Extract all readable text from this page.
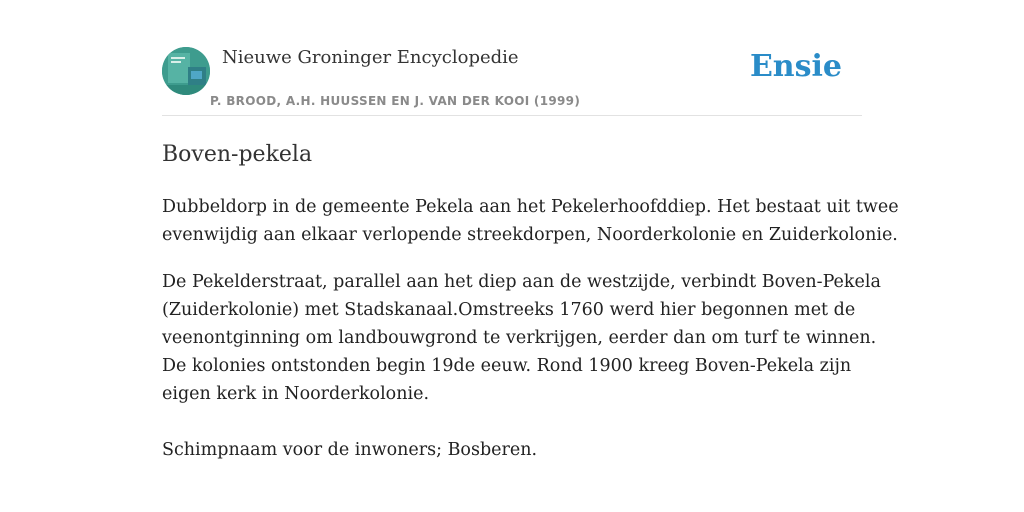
Nieuwe Groninger Encyclopedie
P. BROOD, A.H. HUUSSEN EN J. VAN DER KOOI (1999)
Ensie
Boven-pekela

Dubbeldorp in de gemeente Pekela aan het Pekelerhoofddiep. Het bestaat uit twee
evenwijdig aan elkaar verlopende streekdorpen, Noorderkolonie en Zuiderkolonie.

De Pekelderstraat, parallel aan het diep aan de westzijde, verbindt Boven-Pekela
(Zuiderkolonie) met Stadskanaal.Omstreeks 1760 werd hier begonnen met de
veenontginning om landbouwgrond te verkrijgen, eerder dan om turf te winnen.
De kolonies ontstonden begin 19de eeuw. Rond 1900 kreeg Boven-Pekela zijn
eigen kerk in Noorderkolonie.

Schimpnaam voor de inwoners; Bosberen.
